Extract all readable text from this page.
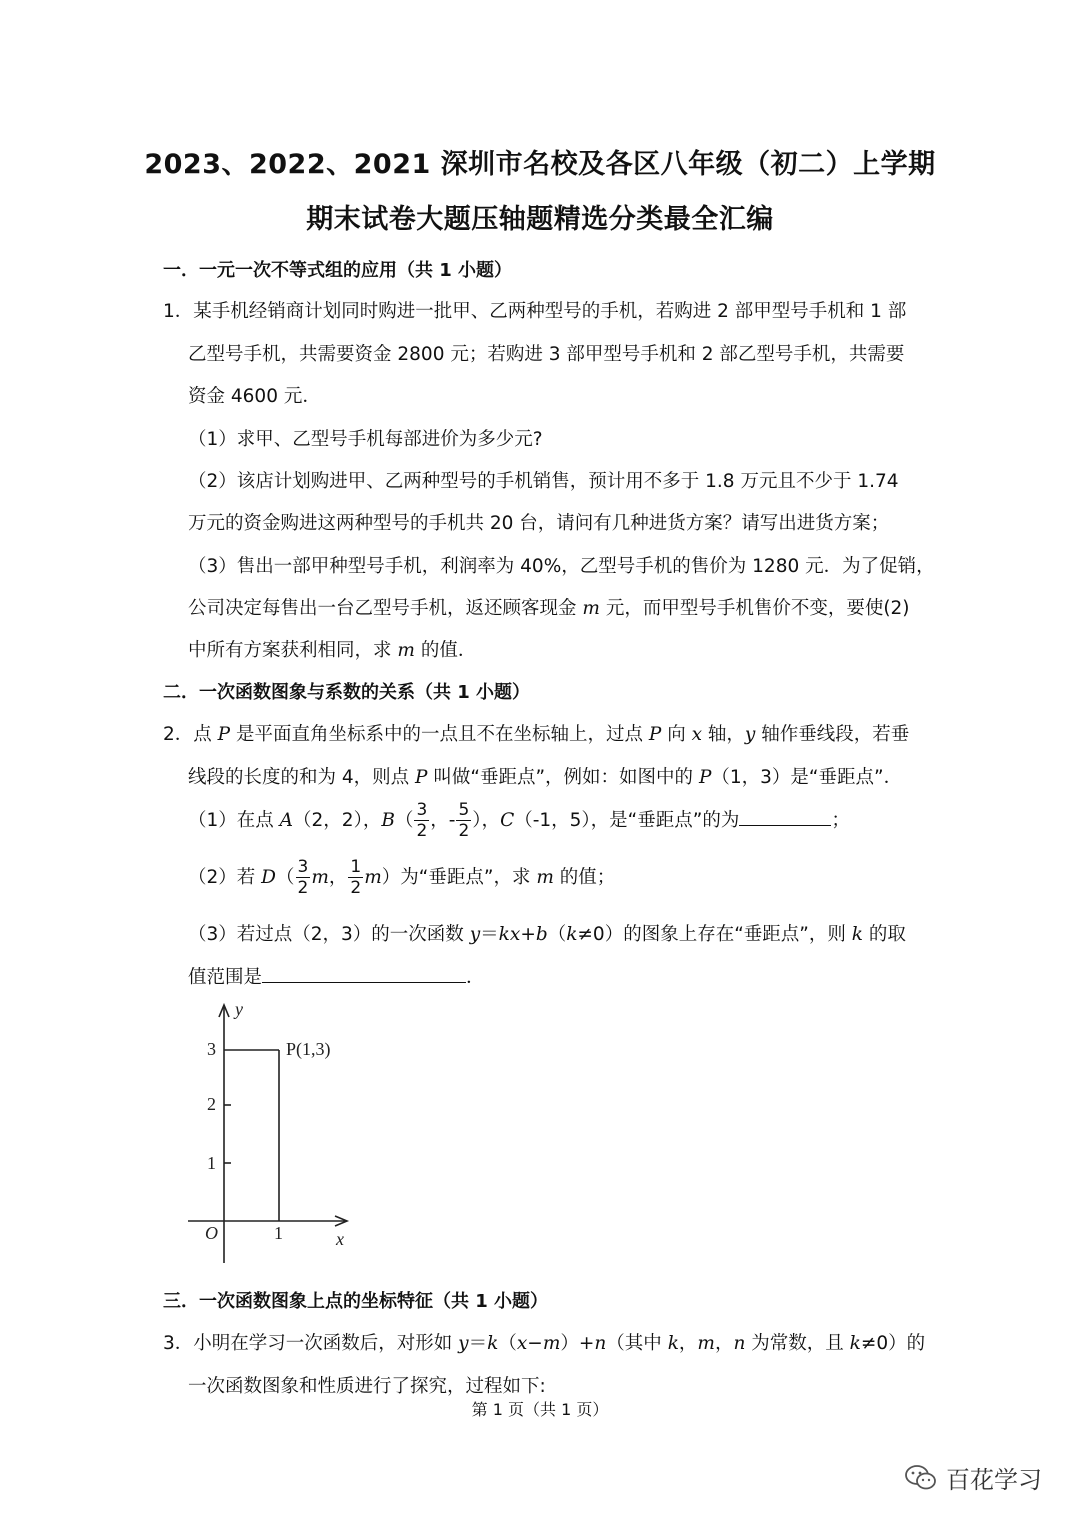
2023、2022、2021 深圳市名校及各区八年级（初二）上学期
期末试卷大题压轴题精选分类最全汇编
一．一元一次不等式组的应用（共 1 小题）
1．某手机经销商计划同时购进一批甲、乙两种型号的手机，若购进 2 部甲型号手机和 1 部
乙型号手机，共需要资金 2800 元；若购进 3 部甲型号手机和 2 部乙型号手机，共需要
资金 4600 元．
（1）求甲、乙型号手机每部进价为多少元?
（2）该店计划购进甲、乙两种型号的手机销售，预计用不多于 1.8 万元且不少于 1.74
万元的资金购进这两种型号的手机共 20 台，请问有几种进货方案？请写出进货方案；
（3）售出一部甲种型号手机，利润率为 40%，乙型号手机的售价为 1280 元．为了促销，
公司决定每售出一台乙型号手机，返还顾客现金 m 元，而甲型号手机售价不变，要使(2)
中所有方案获利相同，求 m 的值．
二．一次函数图象与系数的关系（共 1 小题）
2．点 P 是平面直角坐标系中的一点且不在坐标轴上，过点 P 向 x 轴，y 轴作垂线段，若垂
线段的长度的和为 4，则点 P 叫做“垂距点”，例如：如图中的 P（1，3）是“垂距点”．
（1）在点 A（2，2），$B( \frac{3}{2}$ ，- $\frac{5}{2}$ ），C（-1，5），是“垂距点”的为	；
（2）若 $D( \frac{3}{2}$ m， $\frac{1}{2} m$）为“垂距点”，求 m 的值；
（3）若过点（2，3）的一次函数 y＝kx+b（k≠0）的图象上存在“垂距点”，则 k 的取
值范围是	．
y
x
O
3
2
1
1
P(1,3)
三．一次函数图象上点的坐标特征（共 1 小题）
3．小明在学习一次函数后，对形如 y＝k（x−m）+n（其中 k，m，n 为常数，且 k≠0）的
一次函数图象和性质进行了探究，过程如下:
第 1 页（共 1 页）
百花学习
